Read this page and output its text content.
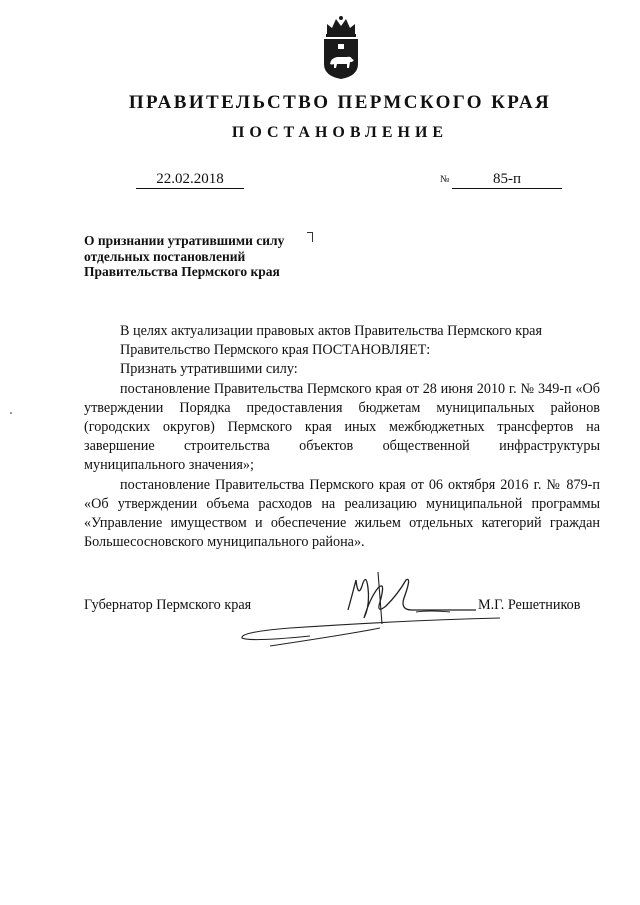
ПРАВИТЕЛЬСТВО ПЕРМСКОГО КРАЯ
ПОСТАНОВЛЕНИЕ
22.02.2018	№	85-п
О признании утратившими силу
отдельных постановлений
Правительства Пермского края

В целях актуализации правовых актов Правительства Пермского края

Правительство Пермского края ПОСТАНОВЛЯЕТ:

Признать утратившими силу:

постановление Правительства Пермского края от 28 июня 2010 г. № 349-п «Об утверждении Порядка предоставления бюджетам муниципальных районов (городских округов) Пермского края иных межбюджетных трансфертов на завершение строительства объектов общественной инфраструктуры муниципального значения»;

постановление Правительства Пермского края от 06 октября 2016 г. № 879-п «Об утверждении объема расходов на реализацию муниципальной программы «Управление имуществом и обеспечение жильем отдельных категорий граждан Большесосновского муниципального района».

Губернатор Пермского края	М.Г. Решетников
